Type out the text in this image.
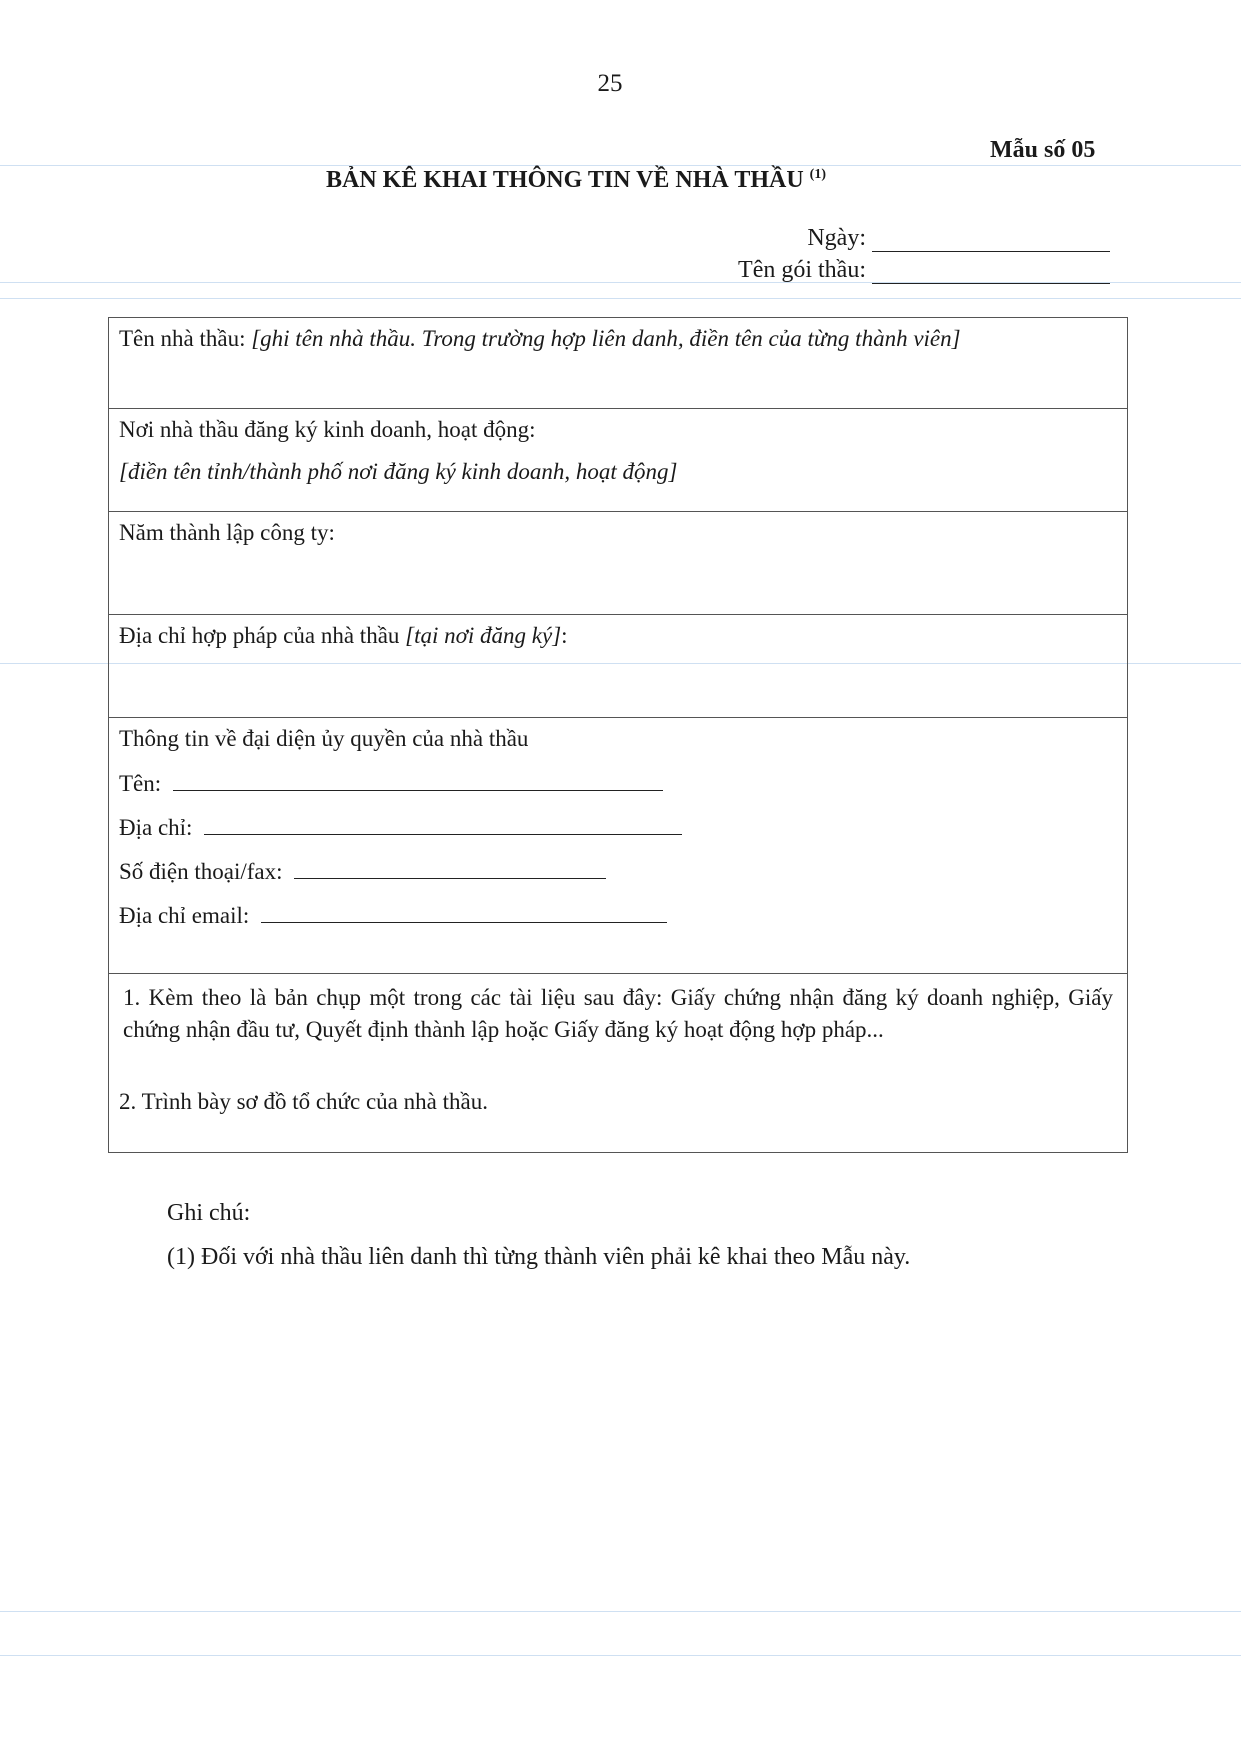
25
Mẫu số 05
BẢN KÊ KHAI THÔNG TIN VỀ NHÀ THẦU $^{(1)}$
Ngày:
Tên gói thầu:

Tên nhà thầu: [ghi tên nhà thầu. Trong trường hợp liên danh, điền tên của từng thành viên]

Nơi nhà thầu đăng ký kinh doanh, hoạt động:

[điền tên tỉnh/thành phố nơi đăng ký kinh doanh, hoạt động]

Năm thành lập công ty:

Địa chỉ hợp pháp của nhà thầu [tại nơi đăng ký]:

Thông tin về đại diện ủy quyền của nhà thầu

Tên:

Địa chỉ:

Số điện thoại/fax:

Địa chỉ email:

1. Kèm theo là bản chụp một trong các tài liệu sau đây: Giấy chứng nhận đăng ký doanh nghiệp, Giấy chứng nhận đầu tư, Quyết định thành lập hoặc Giấy đăng ký hoạt động hợp pháp...
2. Trình bày sơ đồ tổ chức của nhà thầu.
Ghi chú:
(1) Đối với nhà thầu liên danh thì từng thành viên phải kê khai theo Mẫu này.
